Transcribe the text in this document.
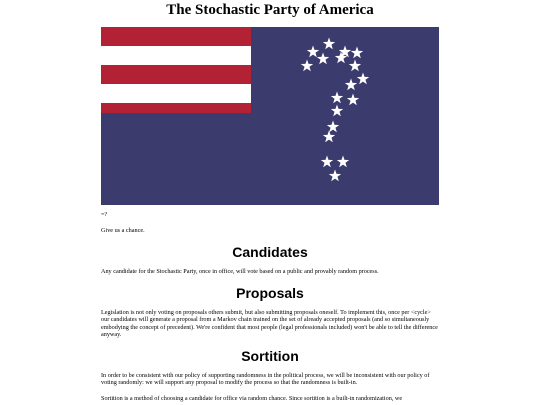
The Stochastic Party of America
=?
Give us a chance.
Candidates

Any candidate for the Stochastic Party, once in office, will vote based on a public and provably random process.

Proposals

Legislation is not only voting on proposals others submit, but also submitting proposals oneself. To implement this, once per <cycle> our candidates will generate a proposal from a Markov chain trained on the set of already accepted proposals (and so simultaneously embodying the concept of precedent). We're confident that most people (legal professionals included) won't be able to tell the difference anyway.

Sortition

In order to be consistent with our policy of supporting randomness in the political process, we will be inconsistent with our policy of voting randomly: we will support any proposal to modify the process so that the randomness is built-in.

Sortition is a method of choosing a candidate for office via random chance. Since sortition is a built-in randomization, we
